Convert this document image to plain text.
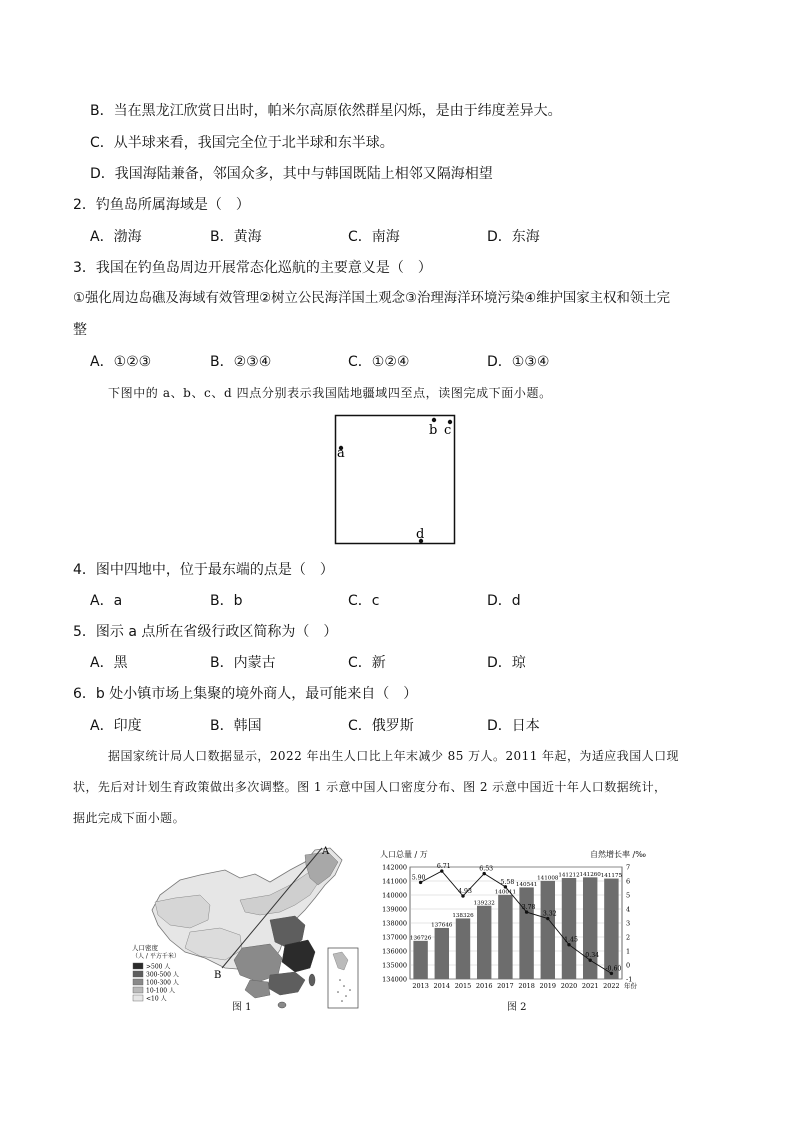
B．当在黑龙江欣赏日出时，帕米尔高原依然群星闪烁，是由于纬度差异大。
C．从半球来看，我国完全位于北半球和东半球。
D．我国海陆兼备，邻国众多，其中与韩国既陆上相邻又隔海相望
2．钓鱼岛所属海域是（　）
A．渤海	B．黄海	C．南海	D．东海
3．我国在钓鱼岛周边开展常态化巡航的主要意义是（　）
①强化周边岛礁及海域有效管理②树立公民海洋国土观念③治理海洋环境污染④维护国家主权和领土完
整
A．①②③	B．②③④	C．①②④	D．①③④
下图中的 a、b、c、d 四点分别表示我国陆地疆域四至点，读图完成下面小题。
a
b c
d
4．图中四地中，位于最东端的点是（　）
A．a	B．b	C．c	D．d
5．图示 a 点所在省级行政区简称为（　）
A．黑	B．内蒙古	C．新	D．琼
6．b 处小镇市场上集聚的境外商人，最可能来自（　）
A．印度	B．韩国	C．俄罗斯	D．日本
据国家统计局人口数据显示，2022 年出生人口比上年末减少 85 万人。2011 年起，为适应我国人口现
状，先后对计划生育政策做出多次调整。图 1 示意中国人口密度分布、图 2 示意中国近十年人口数据统计，
据此完成下面小题。
A
B
人口密度
（人 / 平方千米）
>500 人
300-500 人
100-300 人
10-100 人
<10 人
图 1
人口总量 / 万	自然增长率 /‰
134000
135000
136000
137000
138000
139000
140000
141000
142000
-1
0
1
2
3
4
5
6
7
136726
2013
137646
2014
138326
2015
139232
2016
140011
2017
140541
2018
141008
2019
141212
2020
141260
2021
141175
2022
5.90
6.71
4.93
6.53
5.58
3.78
3.32
1.45
0.34
-0.60
年份
图 2
